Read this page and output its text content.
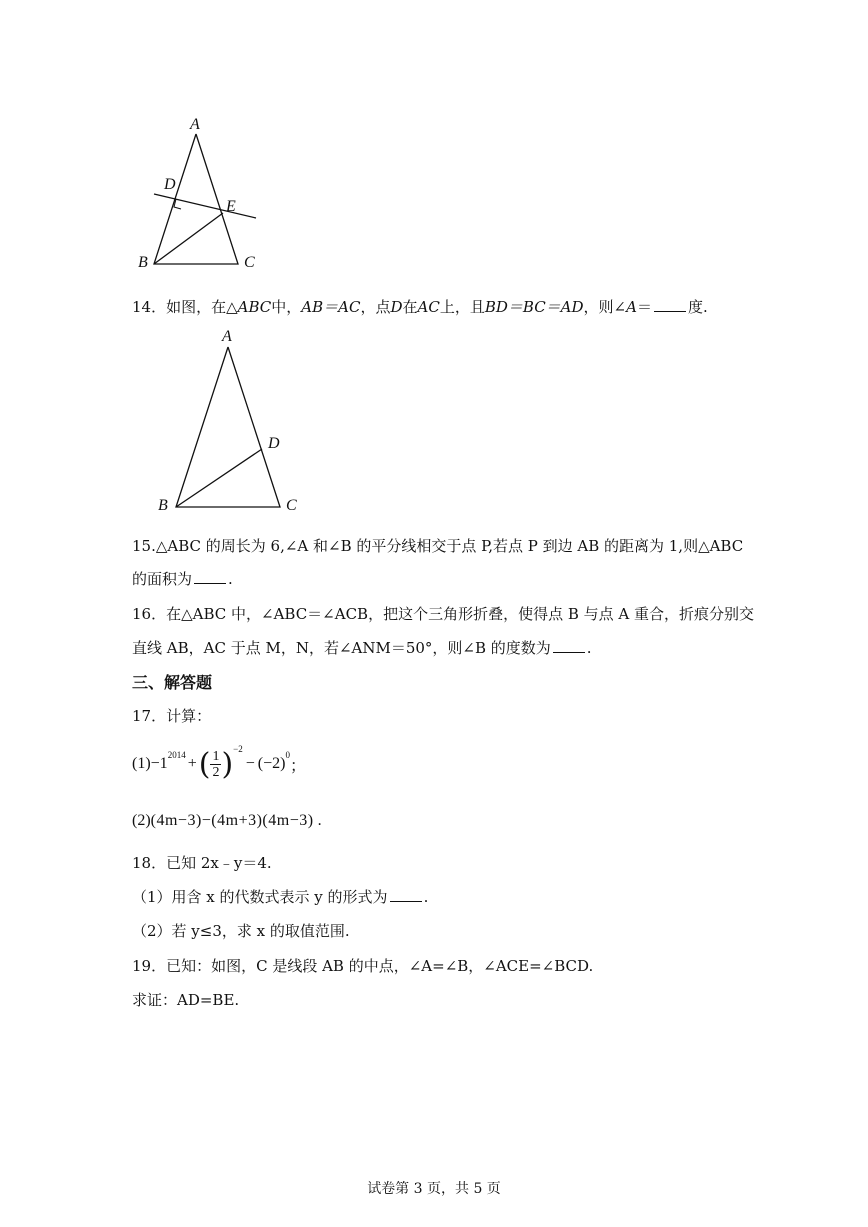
A
D
E
B	C
14．如图，在△ABC中，AB＝AC，点D在AC上，且BD＝BC＝AD，则∠A＝ 度.
A
D
B	C
15.△ABC 的周长为 6,∠A 和∠B 的平分线相交于点 P,若点 P 到边 AB 的距离为 1,则△ABC
的面积为 .
16．在△ABC 中，∠ABC＝∠ACB，把这个三角形折叠，使得点 B 与点 A 重合，折痕分别交
直线 AB，AC 于点 M，N，若∠ANM＝50°，则∠B 的度数为 .
三、解答题
17．计算：
$(1) -1^{2014}$ + ( $\frac{1}{2} )^{-2}$
− $(-2)^0$
；
(2)(4m−3)−(4m+3)(4m−3) .
18．已知 2x﹣y＝4.
（1）用含 x 的代数式表示 y 的形式为 .
（2）若 y≤3，求 x 的取值范围.
19．已知：如图，C 是线段 AB 的中点，∠A=∠B，∠ACE=∠BCD.
求证：AD=BE.
试卷第 3 页，共 5 页
